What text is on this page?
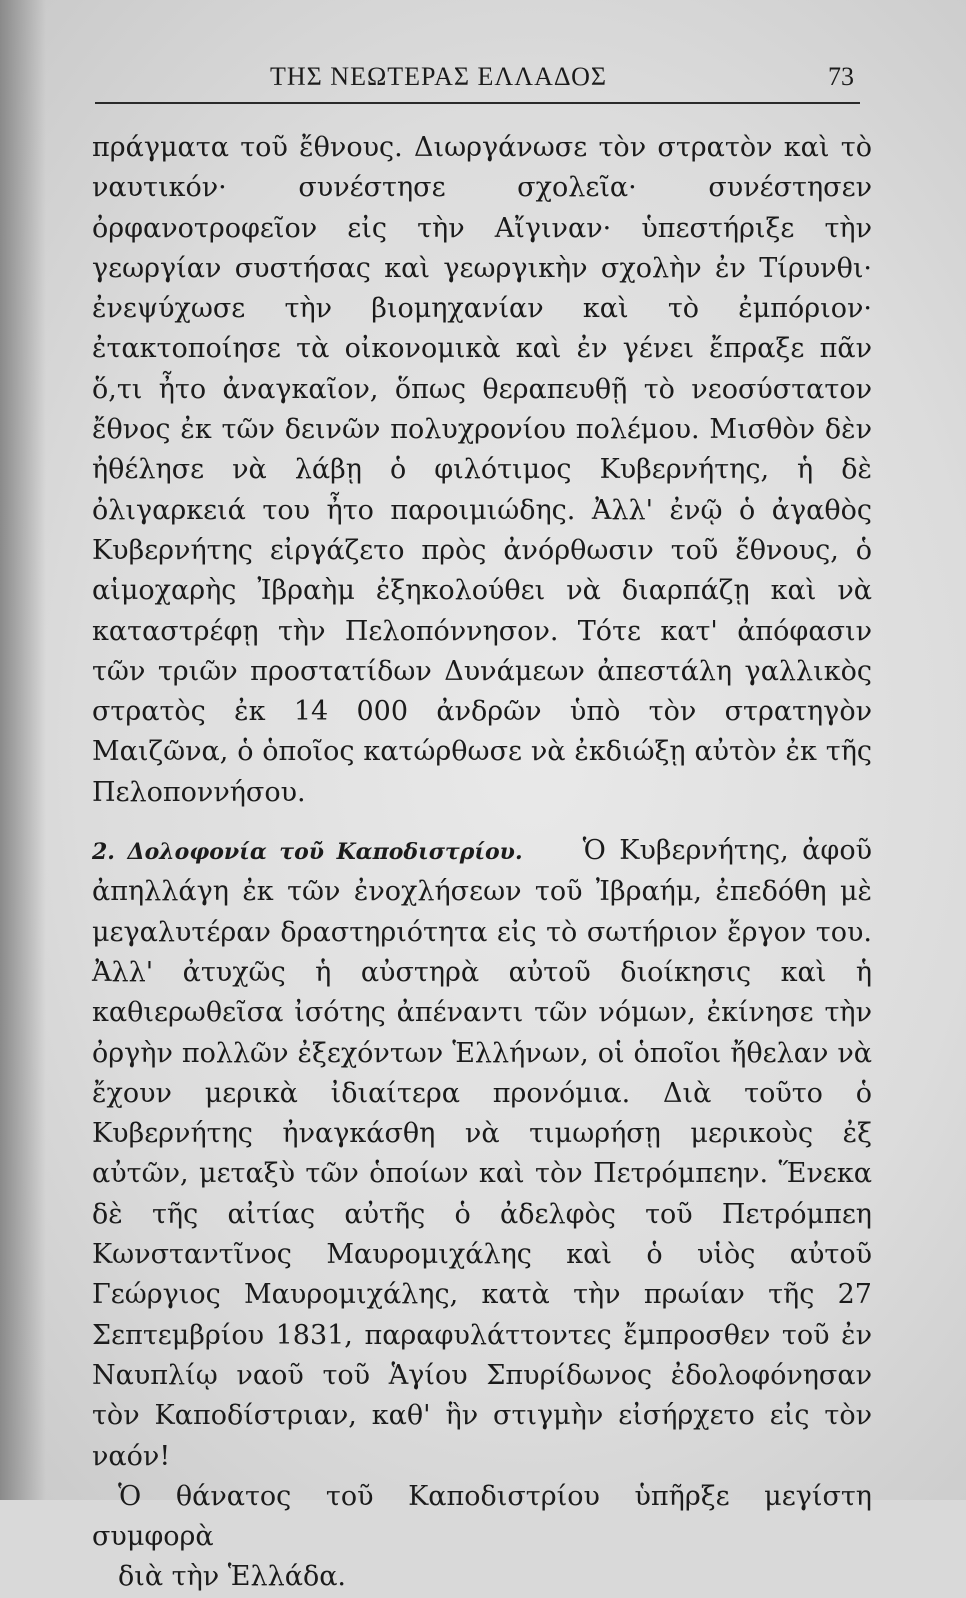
ΤΗΣ ΝΕΩΤΕΡΑΣ ΕΛΛΑΔΟΣ	73

πράγματα τοῦ ἔθνους. Διωργάνωσε τὸν στρατὸν καὶ τὸ ναυτικόν· συνέστησε σχολεῖα· συνέστησεν ὀρφανοτροφεῖον εἰς τὴν Αἴγιναν· ὑπεστήριξε τὴν γεωργίαν συστήσας καὶ γεωργικὴν σχολὴν ἐν Τίρυνθι· ἐνεψύχωσε τὴν βιομηχανίαν καὶ τὸ ἐμπόριον· ἐτακτοποίησε τὰ οἰκονομικὰ καὶ ἐν γένει ἔπραξε πᾶν ὅ,τι ἦτο ἀναγκαῖον, ὅπως θεραπευθῇ τὸ νεοσύστατον ἔθνος ἐκ τῶν δεινῶν πολυχρονίου πολέμου. Μισθὸν δὲν ἠθέλησε νὰ λάβῃ ὁ φιλότιμος Κυβερνήτης, ἡ δὲ ὀλιγαρκειά του ἦτο παροιμιώδης. Ἀλλ' ἐνῷ ὁ ἀγαθὸς Κυβερνήτης εἰργάζετο πρὸς ἀνόρθωσιν τοῦ ἔθνους, ὁ αἱμοχαρὴς Ἰβραὴμ ἐξηκολούθει νὰ διαρπάζῃ καὶ νὰ καταστρέφῃ τὴν Πελοπόννησον. Τότε κατ' ἀπόφασιν τῶν τριῶν προστατίδων Δυνάμεων ἀπεστάλη γαλλικὸς στρατὸς ἐκ 14 000 ἀνδρῶν ὑπὸ τὸν στρατηγὸν Μαιζῶνα, ὁ ὁποῖος κατώρθωσε νὰ ἐκδιώξῃ αὐτὸν ἐκ τῆς Πελοποννήσου.

2. Δολοφονία τοῦ Καποδιστρίου. Ὁ Κυβερνήτης, ἀφοῦ ἀπηλλάγη ἐκ τῶν ἐνοχλήσεων τοῦ Ἰβραήμ, ἐπεδόθη μὲ μεγαλυτέραν δραστηριότητα εἰς τὸ σωτήριον ἔργον του. Ἀλλ' ἀτυχῶς ἡ αὐστηρὰ αὐτοῦ διοίκησις καὶ ἡ καθιερωθεῖσα ἰσότης ἀπέναντι τῶν νόμων, ἐκίνησε τὴν ὀργὴν πολλῶν ἐξεχόντων Ἑλλήνων, οἱ ὁποῖοι ἤθελαν νὰ ἔχουν μερικὰ ἰδιαίτερα προνόμια. Διὰ τοῦτο ὁ Κυβερνήτης ἠναγκάσθη νὰ τιμωρήσῃ μερικοὺς ἐξ αὐτῶν, μεταξὺ τῶν ὁποίων καὶ τὸν Πετρόμπεην. Ἕνεκα δὲ τῆς αἰτίας αὐτῆς ὁ ἀδελφὸς τοῦ Πετρόμπεη Κωνσταντῖνος Μαυρομιχάλης καὶ ὁ υἱὸς αὐτοῦ Γεώργιος Μαυρομιχάλης, κατὰ τὴν πρωίαν τῆς 27 Σεπτεμβρίου 1831, παραφυλάττοντες ἔμπροσθεν τοῦ ἐν Ναυπλίῳ ναοῦ τοῦ Ἁγίου Σπυρίδωνος ἐδολοφόνησαν τὸν Καποδίστριαν, καθ' ἣν στιγμὴν εἰσήρχετο εἰς τὸν ναόν!

Ὁ θάνατος τοῦ Καποδιστρίου ὑπῆρξε μεγίστη συμφορὰ
διὰ τὴν Ἑλλάδα.
